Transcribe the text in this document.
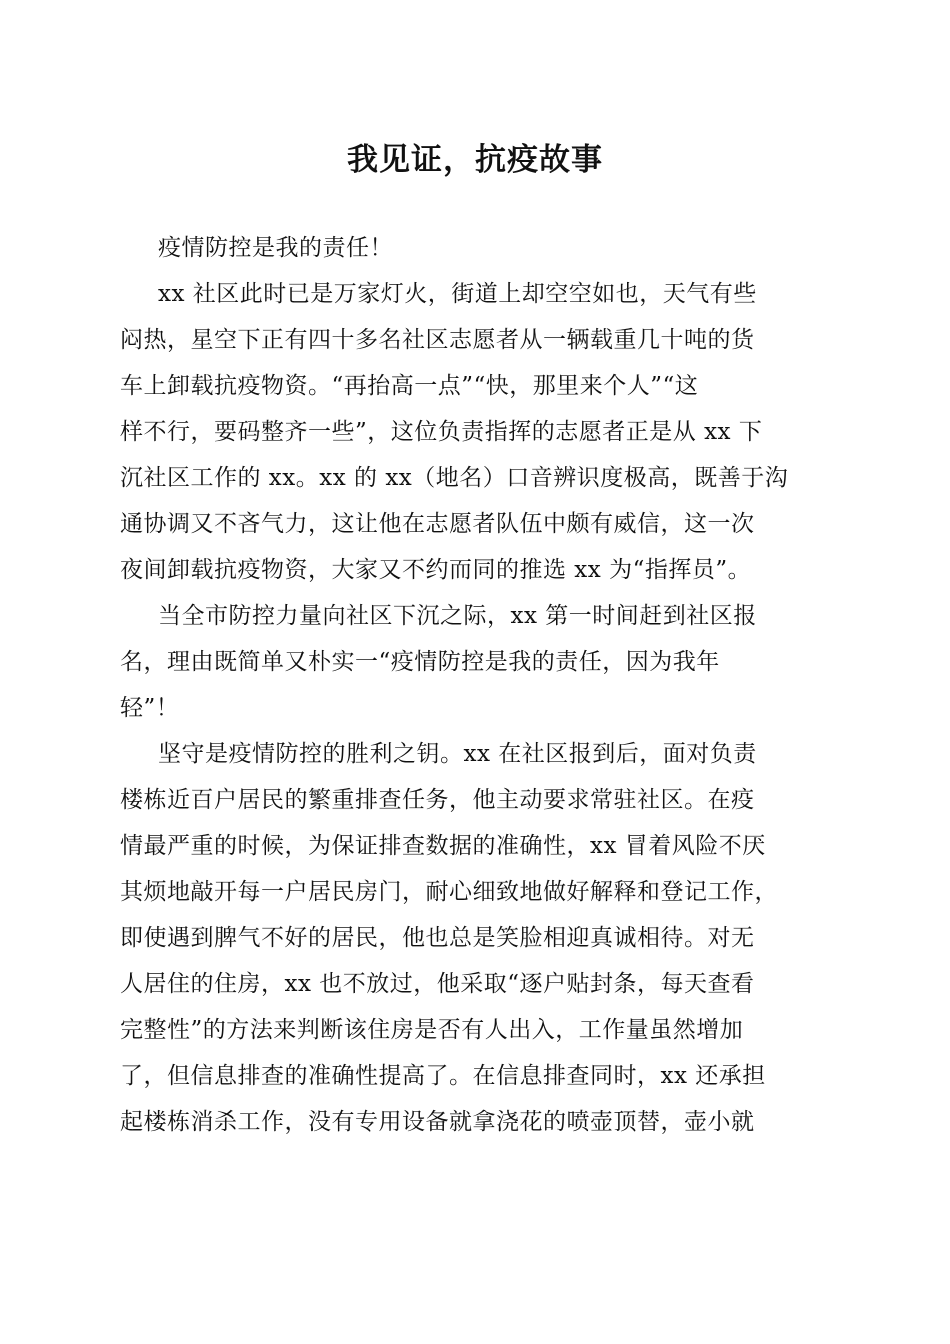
我见证，抗疫故事
疫情防控是我的责任！
xx 社区此时已是万家灯火，街道上却空空如也，天气有些
闷热，星空下正有四十多名社区志愿者从一辆载重几十吨的货
车上卸载抗疫物资。“再抬高一点”“快，那里来个人”“这
样不行，要码整齐一些”，这位负责指挥的志愿者正是从 xx 下
沉社区工作的 xx。xx 的 xx（地名）口音辨识度极高，既善于沟
通协调又不吝气力，这让他在志愿者队伍中颇有威信，这一次
夜间卸载抗疫物资，大家又不约而同的推选 xx 为“指挥员”。
当全市防控力量向社区下沉之际，xx 第一时间赶到社区报
名，理由既简单又朴实一“疫情防控是我的责任，因为我年
轻”！
坚守是疫情防控的胜利之钥。xx 在社区报到后，面对负责
楼栋近百户居民的繁重排查任务，他主动要求常驻社区。在疫
情最严重的时候，为保证排查数据的准确性，xx 冒着风险不厌
其烦地敲开每一户居民房门，耐心细致地做好解释和登记工作，
即使遇到脾气不好的居民，他也总是笑脸相迎真诚相待。对无
人居住的住房，xx 也不放过，他采取“逐户贴封条，每天查看
完整性”的方法来判断该住房是否有人出入，工作量虽然增加
了，但信息排查的准确性提高了。在信息排查同时，xx 还承担
起楼栋消杀工作，没有专用设备就拿浇花的喷壶顶替，壶小就
